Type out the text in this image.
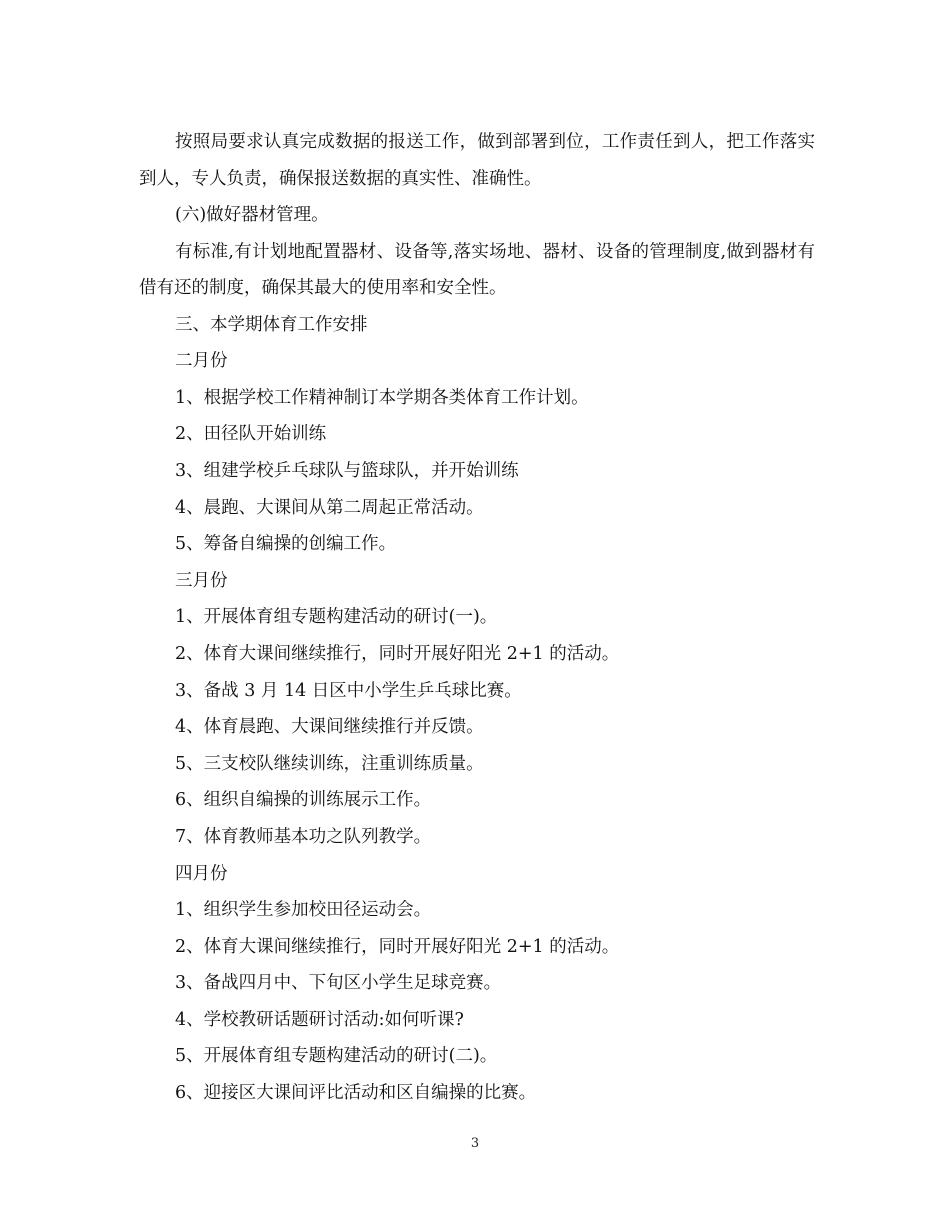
按照局要求认真完成数据的报送工作，做到部署到位，工作责任到人，把工作落实到人，专人负责，确保报送数据的真实性、准确性。

(六)做好器材管理。

有标准,有计划地配置器材、设备等,落实场地、器材、设备的管理制度,做到器材有借有还的制度，确保其最大的使用率和安全性。

三、本学期体育工作安排

二月份

1、根据学校工作精神制订本学期各类体育工作计划。

2、田径队开始训练

3、组建学校乒乓球队与篮球队，并开始训练

4、晨跑、大课间从第二周起正常活动。

5、筹备自编操的创编工作。

三月份

1、开展体育组专题构建活动的研讨(一)。

2、体育大课间继续推行，同时开展好阳光 2+1 的活动。

3、备战 3 月 14 日区中小学生乒乓球比赛。

4、体育晨跑、大课间继续推行并反馈。

5、三支校队继续训练，注重训练质量。

6、组织自编操的训练展示工作。

7、体育教师基本功之队列教学。

四月份

1、组织学生参加校田径运动会。

2、体育大课间继续推行，同时开展好阳光 2+1 的活动。

3、备战四月中、下旬区小学生足球竞赛。

4、学校教研话题研讨活动:如何听课?

5、开展体育组专题构建活动的研讨(二)。

6、迎接区大课间评比活动和区自编操的比赛。

3
